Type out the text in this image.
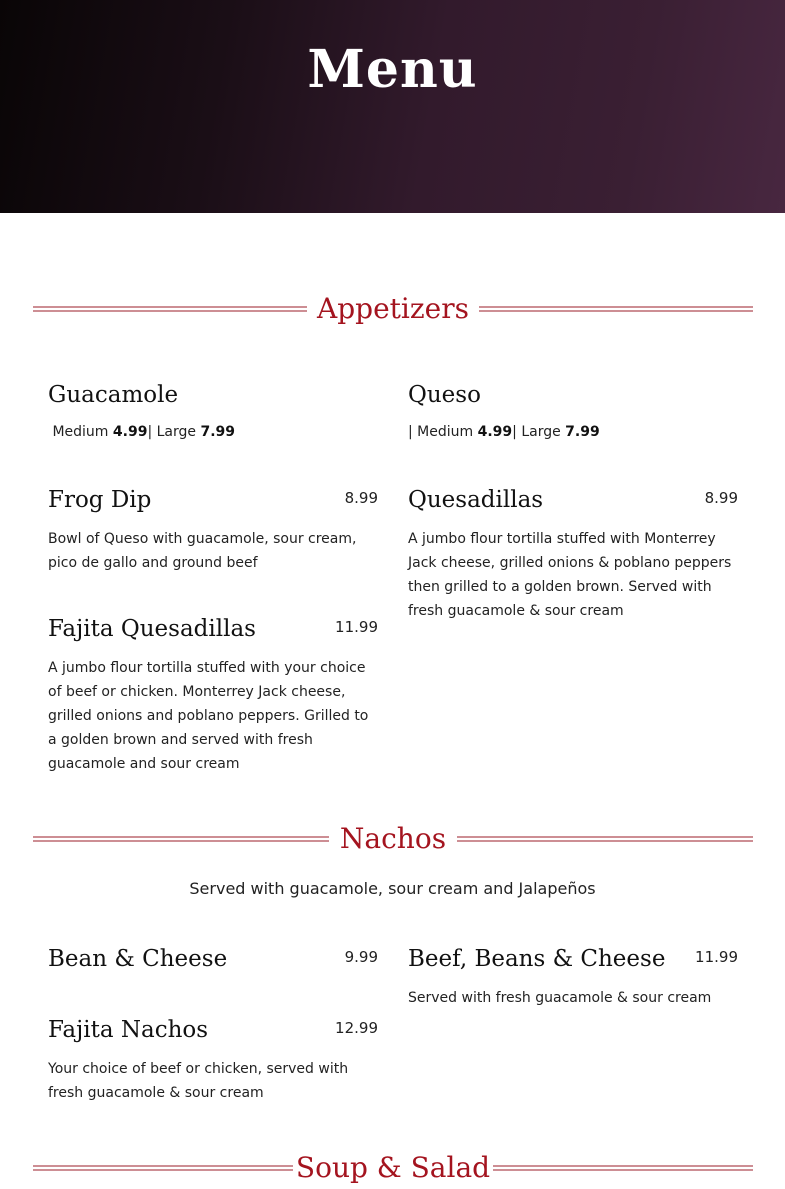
Menu
Appetizers
Guacamole
Medium 4.99| Large 7.99
Queso
| Medium 4.99| Large 7.99
Frog Dip	8.99
Bowl of Queso with guacamole, sour cream, pico de gallo and ground beef
Quesadillas	8.99
A jumbo flour tortilla stuffed with Monterrey Jack cheese, grilled onions & poblano peppers then grilled to a golden brown. Served with fresh guacamole & sour cream
Fajita Quesadillas	11.99
A jumbo flour tortilla stuffed with your choice of beef or chicken. Monterrey Jack cheese, grilled onions and poblano peppers. Grilled to a golden brown and served with fresh guacamole and sour cream
Nachos
Served with guacamole, sour cream and Jalapeños
Bean & Cheese	9.99 Beef, Beans & Cheese	11.99
Served with fresh guacamole & sour cream
Fajita Nachos	12.99
Your choice of beef or chicken, served with fresh guacamole & sour cream
Soup & Salad
